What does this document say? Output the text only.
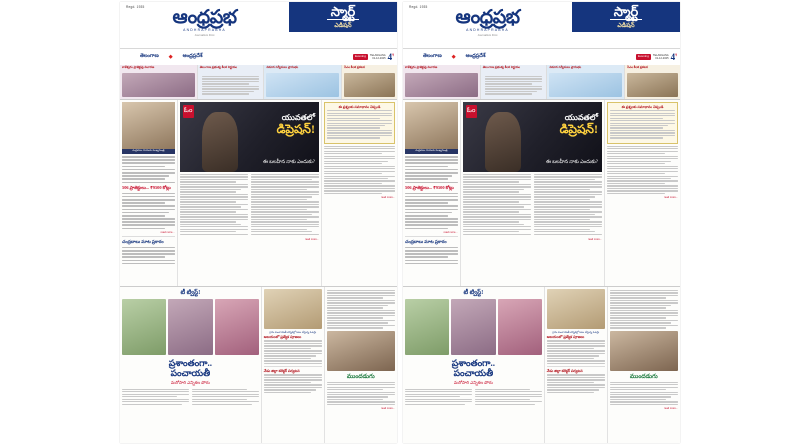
Regd. 1935	ఆంధ్రప్రభ
ANDHRAPRABHA
Journalism First
స్మార్ట్
ఎడిషన్
తెలంగాణ ◆ ఆంధ్రప్రదేశ్	Evening	TELANGANA
01-12-2025 4₹
కాళేశ్వరం ప్రాజెక్టుపై విచారణ	తెలంగాణ ప్రభుత్వ కీలక నిర్ణయం	విమాన సర్వీసులు ప్రారంభం	సీఎం కీలక ప్రకటన
చంద్రబాబు నాయుడు ముఖ్యమంత్రి
506 ప్రాజెక్టులు... ₹9500 కోట్లు
read more...
చంద్రబాబు మాట ప్రకారం
ఓం
యువతలో
డిప్రెషన్!
ఈ బలహీన నాకు ఎందుకు?
read more...
ఈ ప్రశ్నలకు సమాధానం చెప్పండి
read more...
టీ ట్విస్ట్!
ప్రశాంతంగా..
పంచాయతీ
మరోసారి ఎన్నికల పోరు
గ్రామ పంచాయతీ ఎన్నికల్లో ఓటు వేస్తున్న ఓటర్లు
ఆలయంలో ప్రత్యేక పూజలు
నేడు జిల్లా కలెక్టర్ పర్యటన
ముందడుగు
read more...
Regd. 1935	ఆంధ్రప్రభ
ANDHRAPRABHA
Journalism First
స్మార్ట్
ఎడిషన్
తెలంగాణ ◆ ఆంధ్రప్రదేశ్	Evening	TELANGANA
01-12-2025 4₹
కాళేశ్వరం ప్రాజెక్టుపై విచారణ	తెలంగాణ ప్రభుత్వ కీలక నిర్ణయం	విమాన సర్వీసులు ప్రారంభం	సీఎం కీలక ప్రకటన
చంద్రబాబు నాయుడు ముఖ్యమంత్రి
506 ప్రాజెక్టులు... ₹9500 కోట్లు
read more...
చంద్రబాబు మాట ప్రకారం
ఓం
యువతలో
డిప్రెషన్!
ఈ బలహీన నాకు ఎందుకు?
read more...
ఈ ప్రశ్నలకు సమాధానం చెప్పండి
read more...
టీ ట్విస్ట్!
ప్రశాంతంగా..
పంచాయతీ
మరోసారి ఎన్నికల పోరు
గ్రామ పంచాయతీ ఎన్నికల్లో ఓటు వేస్తున్న ఓటర్లు
ఆలయంలో ప్రత్యేక పూజలు
నేడు జిల్లా కలెక్టర్ పర్యటన
ముందడుగు
read more...
